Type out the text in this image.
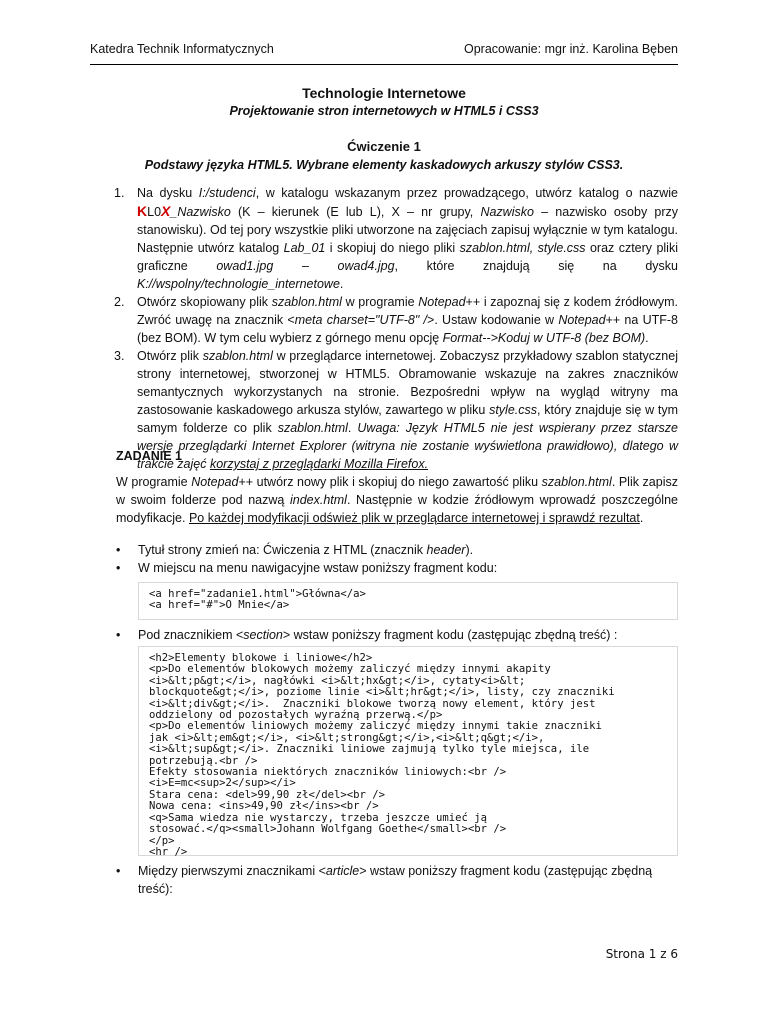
Katedra Technik Informatycznych	Opracowanie: mgr inż. Karolina Bęben
Technologie Internetowe
Projektowanie stron internetowych w HTML5 i CSS3
Ćwiczenie 1
Podstawy języka HTML5. Wybrane elementy kaskadowych arkuszy stylów CSS3.
1.	Na dysku I:/studenci, w katalogu wskazanym przez prowadzącego, utwórz katalog o nazwie KL0X_Nazwisko (K – kierunek (E lub L), X – nr grupy, Nazwisko – nazwisko osoby przy stanowisku). Od tej pory wszystkie pliki utworzone na zajęciach zapisuj wyłącznie w tym katalogu. Następnie utwórz katalog Lab_01 i skopiuj do niego pliki szablon.html, style.css oraz cztery pliki graficzne owad1.jpg – owad4.jpg, które znajdują się na dysku K://wspolny/technologie_internetowe.
2.	Otwórz skopiowany plik szablon.html w programie Notepad++ i zapoznaj się z kodem źródłowym. Zwróć uwagę na znacznik <meta charset="UTF-8" />. Ustaw kodowanie w Notepad++ na UTF-8 (bez BOM). W tym celu wybierz z górnego menu opcję Format-->Koduj w UTF-8 (bez BOM).
3.	Otwórz plik szablon.html w przeglądarce internetowej. Zobaczysz przykładowy szablon statycznej strony internetowej, stworzonej w HTML5. Obramowanie wskazuje na zakres znaczników semantycznych wykorzystanych na stronie. Bezpośredni wpływ na wygląd witryny ma zastosowanie kaskadowego arkusza stylów, zawartego w pliku style.css, który znajduje się w tym samym folderze co plik szablon.html. Uwaga: Język HTML5 nie jest wspierany przez starsze wersje przeglądarki Internet Explorer (witryna nie zostanie wyświetlona prawidłowo), dlatego w trakcie zajęć korzystaj z przeglądarki Mozilla Firefox.
ZADANIE 1
W programie Notepad++ utwórz nowy plik i skopiuj do niego zawartość pliku szablon.html. Plik zapisz w swoim folderze pod nazwą index.html. Następnie w kodzie źródłowym wprowadź poszczególne modyfikacje. Po każdej modyfikacji odśwież plik w przeglądarce internetowej i sprawdź rezultat.
•	Tytuł strony zmień na: Ćwiczenia z HTML (znacznik header).
•	W miejscu na menu nawigacyjne wstaw poniższy fragment kodu:
<a href="zadanie1.html">Główna</a>
<a href="#">O Mnie</a>
•	Pod znacznikiem <section> wstaw poniższy fragment kodu (zastępując zbędną treść) :
<h2>Elementy blokowe i liniowe</h2>
<p>Do elementów blokowych możemy zaliczyć między innymi akapity
<i>&lt;p&gt;</i>, nagłówki <i>&lt;hx&gt;</i>, cytaty<i>&lt;
blockquote&gt;</i>, poziome linie <i>&lt;hr&gt;</i>, listy, czy znaczniki
<i>&lt;div&gt;</i>.  Znaczniki blokowe tworzą nowy element, który jest
oddzielony od pozostałych wyraźną przerwą.</p>
<p>Do elementów liniowych możemy zaliczyć między innymi takie znaczniki
jak <i>&lt;em&gt;</i>, <i>&lt;strong&gt;</i>,<i>&lt;q&gt;</i>,
<i>&lt;sup&gt;</i>. Znaczniki liniowe zajmują tylko tyle miejsca, ile
potrzebują.<br />
Efekty stosowania niektórych znaczników liniowych:<br />
<i>E=mc<sup>2</sup></i>
Stara cena: <del>99,90 zł</del><br />
Nowa cena: <ins>49,90 zł</ins><br />
<q>Sama wiedza nie wystarczy, trzeba jeszcze umieć ją
stosować.</q><small>Johann Wolfgang Goethe</small><br />
</p>
<hr />
•	Między pierwszymi znacznikami <article> wstaw poniższy fragment kodu (zastępując zbędną treść):
Strona 1 z 6
